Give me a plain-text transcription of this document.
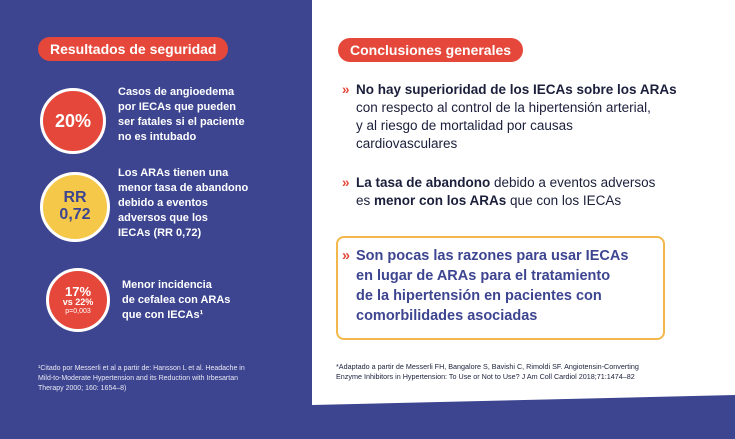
Resultados de seguridad
20%
Casos de angioedema
por IECAs que pueden
ser fatales si el paciente
no es intubado
RR
0,72
Los ARAs tienen una
menor tasa de abandono
debido a eventos
adversos que los
IECAs (RR 0,72)
17%
vs 22%
p=0,003
Menor incidencia
de cefalea con ARAs
que con IECAs¹
¹Citado por Messerli et al a partir de: Hansson L et al. Headache in
Mild-to-Moderate Hypertension and its Reduction with Irbesartan
Therapy 2000; 160: 1654–8)
Conclusiones generales
» No hay superioridad de los IECAs sobre los ARAs
con respecto al control de la hipertensión arterial,
y al riesgo de mortalidad por causas
cardiovasculares
» La tasa de abandono debido a eventos adversos
es menor con los ARAs que con los IECAs
» Son pocas las razones para usar IECAs
en lugar de ARAs para el tratamiento
de la hipertensión en pacientes con
comorbilidades asociadas
*Adaptado a partir de Messerli FH, Bangalore S, Bavishi C, Rimoldi SF. Angiotensin-Converting
Enzyme Inhibitors in Hypertension: To Use or Not to Use? J Am Coll Cardiol 2018;71:1474–82
